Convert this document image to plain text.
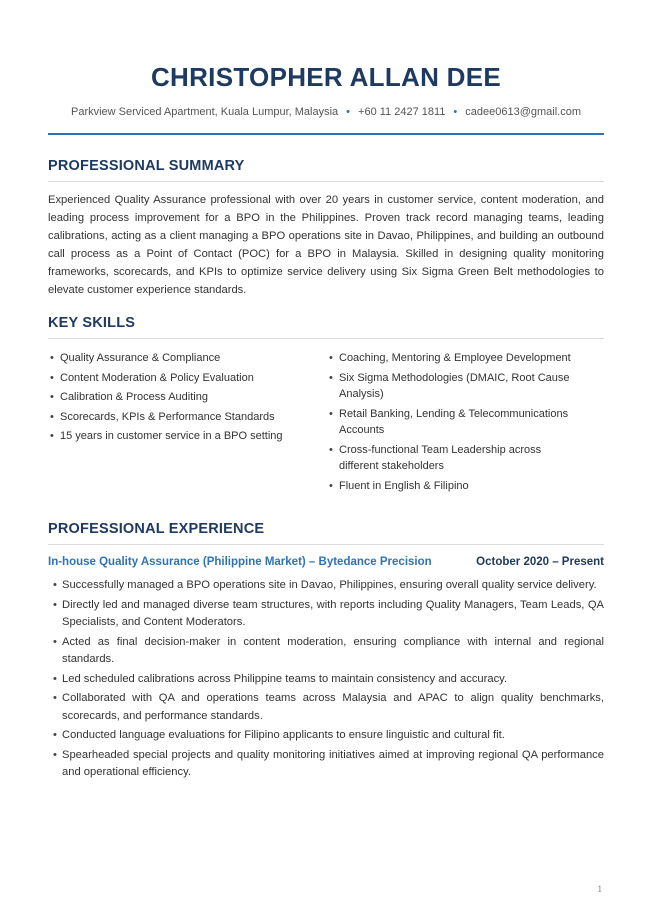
CHRISTOPHER ALLAN DEE
Parkview Serviced Apartment, Kuala Lumpur, Malaysia • +60 11 2427 1811 • cadee0613@gmail.com
PROFESSIONAL SUMMARY
Experienced Quality Assurance professional with over 20 years in customer service, content moderation, and leading process improvement for a BPO in the Philippines. Proven track record managing teams, leading calibrations, acting as a client managing a BPO operations site in Davao, Philippines, and building an outbound call process as a Point of Contact (POC) for a BPO in Malaysia. Skilled in designing quality monitoring frameworks, scorecards, and KPIs to optimize service delivery using Six Sigma Green Belt methodologies to elevate customer experience standards.
KEY SKILLS
• Quality Assurance & Compliance
• Content Moderation & Policy Evaluation
• Calibration & Process Auditing
• Scorecards, KPIs & Performance Standards
• 15 years in customer service in a BPO setting
• Coaching, Mentoring & Employee Development
• Six Sigma Methodologies (DMAIC, Root Cause Analysis)
• Retail Banking, Lending & Telecommunications Accounts
• Cross-functional Team Leadership across different stakeholders
• Fluent in English & Filipino
PROFESSIONAL EXPERIENCE
In-house Quality Assurance (Philippine Market) – Bytedance Precision	October 2020 – Present
• Successfully managed a BPO operations site in Davao, Philippines, ensuring overall quality service delivery.
• Directly led and managed diverse team structures, with reports including Quality Managers, Team Leads, QA Specialists, and Content Moderators.
• Acted as final decision-maker in content moderation, ensuring compliance with internal and regional standards.
• Led scheduled calibrations across Philippine teams to maintain consistency and accuracy.
• Collaborated with QA and operations teams across Malaysia and APAC to align quality benchmarks, scorecards, and performance standards.
• Conducted language evaluations for Filipino applicants to ensure linguistic and cultural fit.
• Spearheaded special projects and quality monitoring initiatives aimed at improving regional QA performance and operational efficiency.
1
